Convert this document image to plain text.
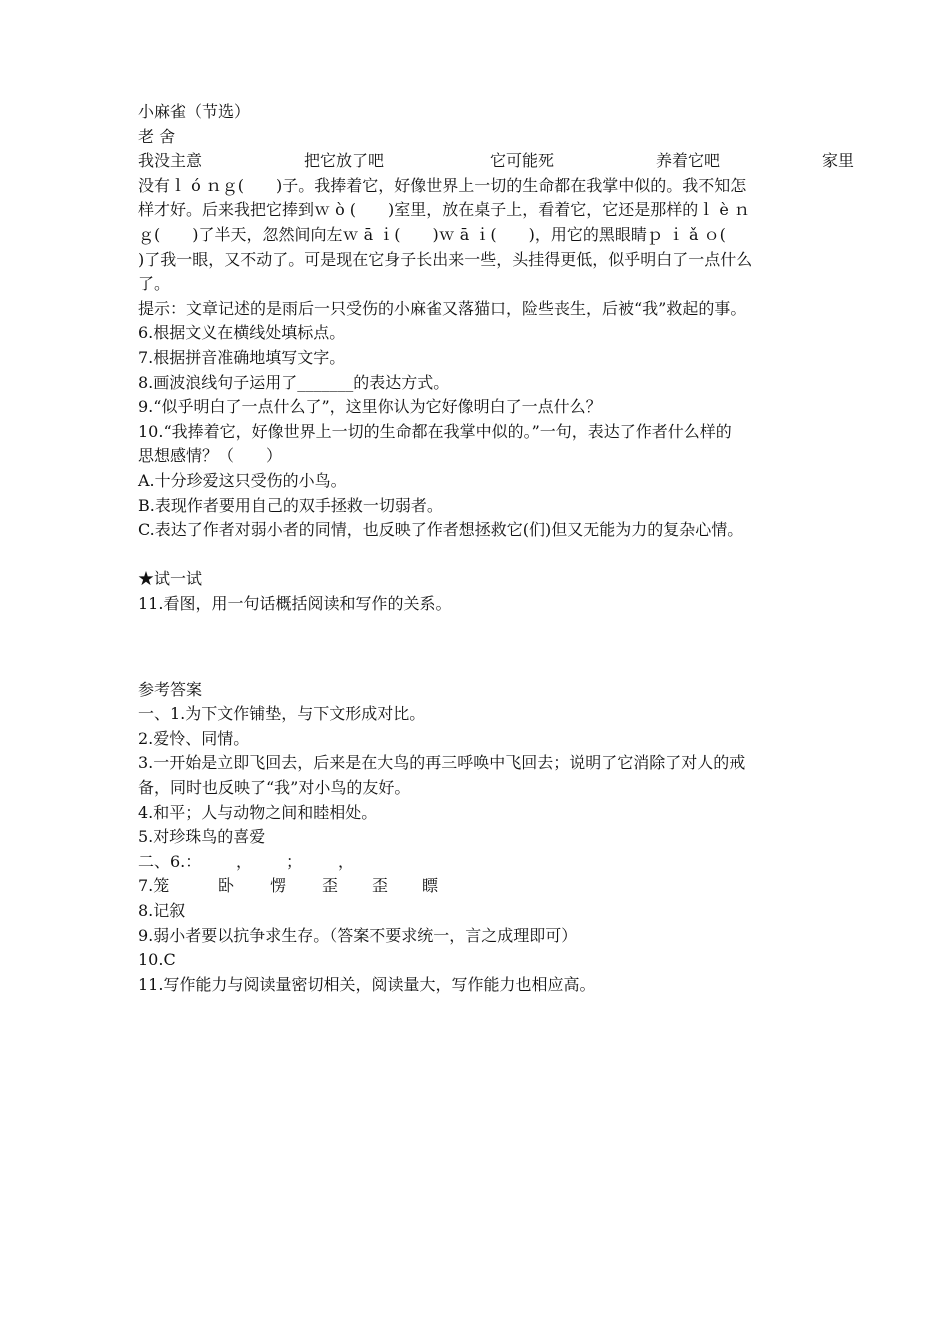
小麻雀（节选）
老 舍
我没主意	把它放了吧	它可能死	养着它吧	家里
没有ｌ ó ｎｇ(　　)子。我捧着它，好像世界上一切的生命都在我掌中似的。我不知怎
样才好。后来我把它捧到ｗ ò (　　)室里，放在桌子上，看着它，它还是那样的ｌ è ｎ
ｇ(　　)了半天，忽然间向左ｗ ā ｉ(　　)ｗ ā ｉ(　　)，用它的黑眼睛ｐ ｉ ǎ ｏ(
)了我一眼，又不动了。可是现在它身子长出来一些，头挂得更低，似乎明白了一点什么
了。
提示：文章记述的是雨后一只受伤的小麻雀又落猫口，险些丧生，后被“我”救起的事。
6.根据文义在横线处填标点。
7.根据拼音准确地填写文字。
8.画波浪线句子运用了_______的表达方式。
9.“似乎明白了一点什么了”，这里你认为它好像明白了一点什么？
10.“我捧着它，好像世界上一切的生命都在我掌中似的。”一句，表达了作者什么样的
思想感情？（　　）
A.十分珍爱这只受伤的小鸟。
B.表现作者要用自己的双手拯救一切弱者。
C.表达了作者对弱小者的同情，也反映了作者想拯救它(们)但又无能为力的复杂心情。
★试一试
11.看图，用一句话概括阅读和写作的关系。
参考答案
一、1.为下文作铺垫，与下文形成对比。
2.爱怜、同情。
3.一开始是立即飞回去，后来是在大鸟的再三呼唤中飞回去；说明了它消除了对人的戒
备，同时也反映了“我”对小鸟的友好。
4.和平；人与动物之间和睦相处。
5.对珍珠鸟的喜爱
二、6.：	，	；	，
7.笼	卧	愣	歪	歪	瞟
8.记叙
9.弱小者要以抗争求生存。（答案不要求统一，言之成理即可）
10.C
11.写作能力与阅读量密切相关，阅读量大，写作能力也相应高。
